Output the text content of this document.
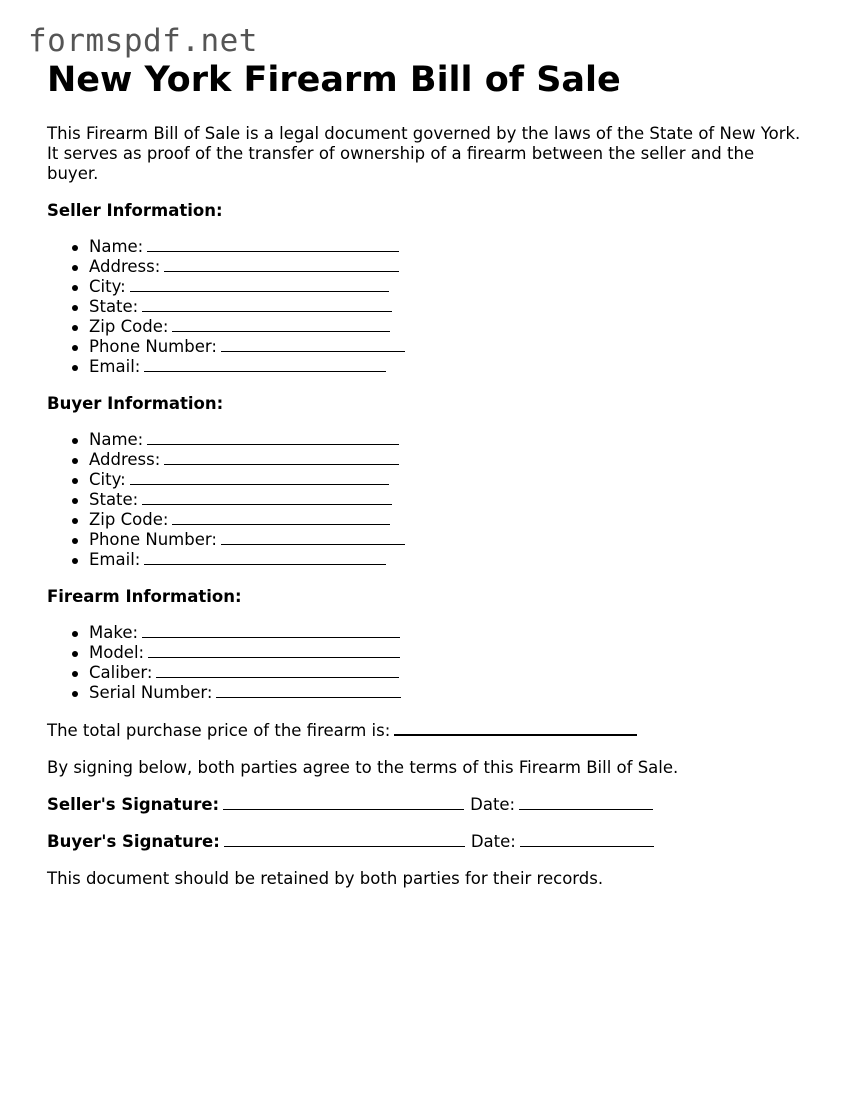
formspdf.net
New York Firearm Bill of Sale

This Firearm Bill of Sale is a legal document governed by the laws of the State of New York. It serves as proof of the transfer of ownership of a firearm between the seller and the buyer.

Seller Information:

Name:
Address:
City:
State:
Zip Code:
Phone Number:
Email:

Buyer Information:

Name:
Address:
City:
State:
Zip Code:
Phone Number:
Email:

Firearm Information:

Make:
Model:
Caliber:
Serial Number:

The total purchase price of the firearm is:

By signing below, both parties agree to the terms of this Firearm Bill of Sale.

Seller's Signature:	Date:

Buyer's Signature:	Date:

This document should be retained by both parties for their records.
